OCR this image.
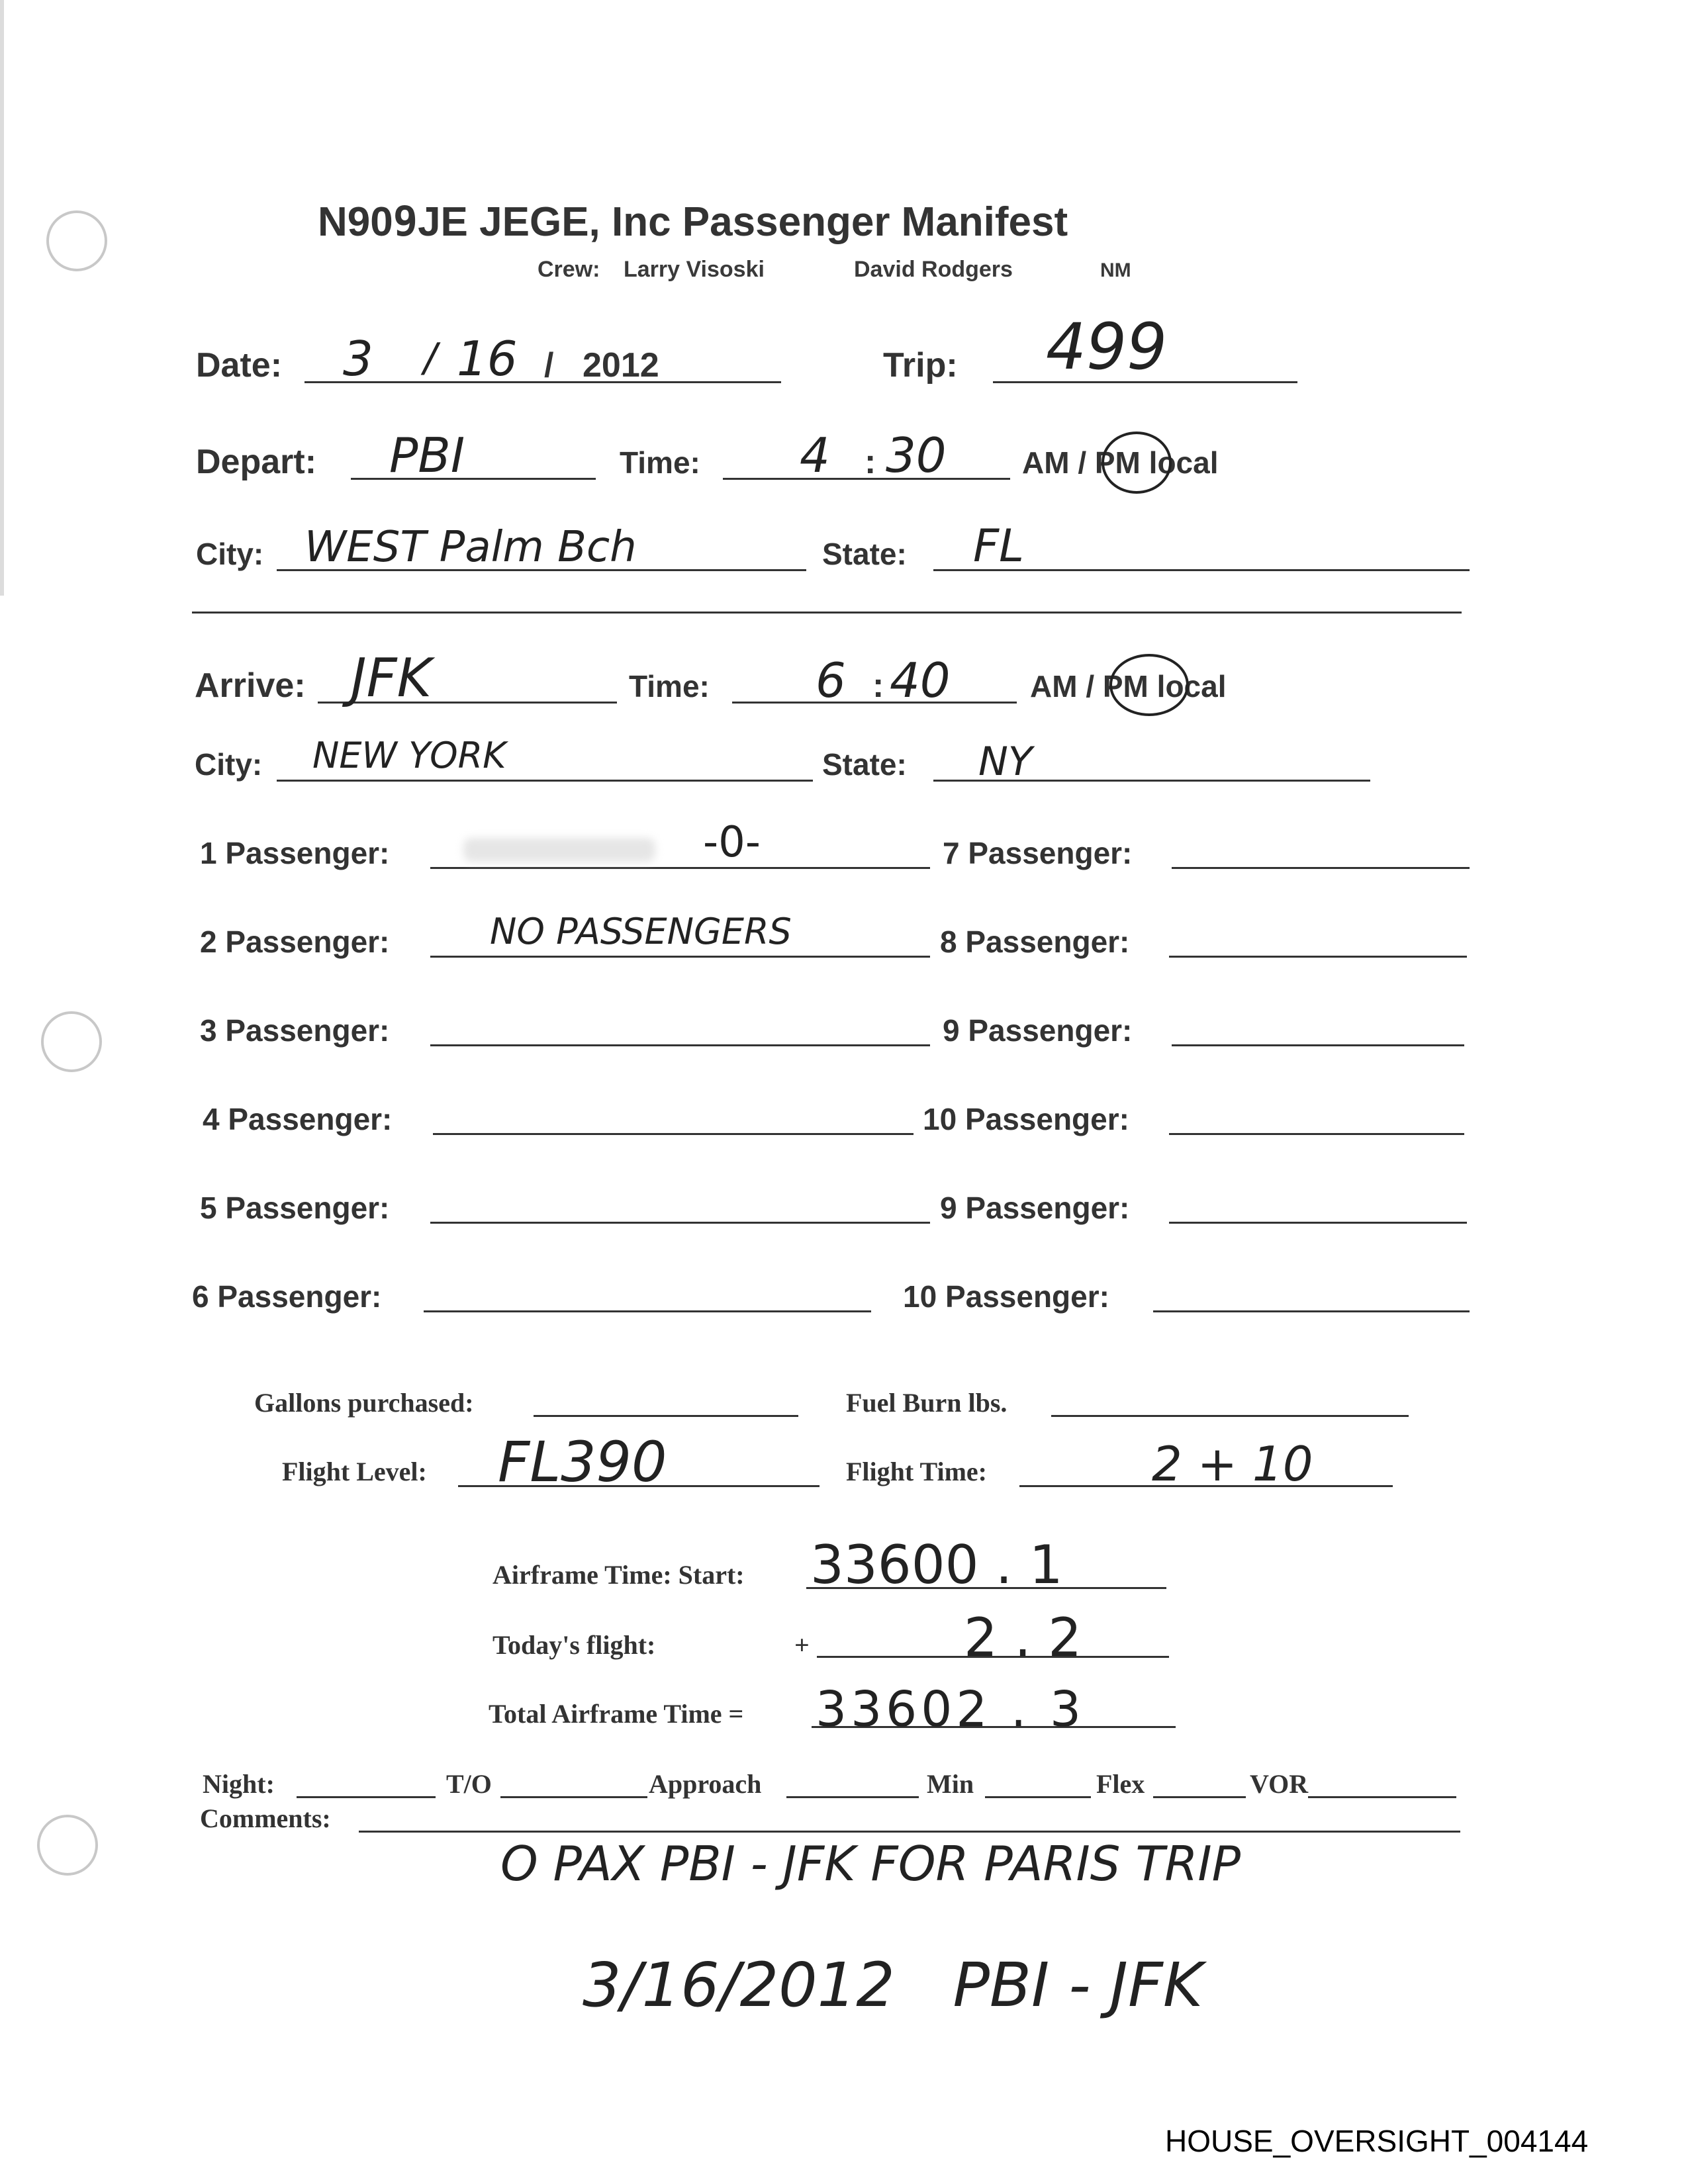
N909JE JEGE, Inc Passenger Manifest
Crew: Larry Visoski	David Rodgers	NM
Date: 3 / 16 / 2012	Trip: 499
Depart: PBI	Time: 4 : 30 AM / PM local
City: WEST Palm Bch	State: FL
Arrive: JFK	Time: 6 : 40	AM / PM local
City: NEW YORK	State: NY
1 Passenger:	-0-
2 Passenger:	NO PASSENGERS
3 Passenger:
4 Passenger:
5 Passenger:
6 Passenger:
7 Passenger:
8 Passenger:
9 Passenger:
10 Passenger:
9 Passenger:
10 Passenger:
Gallons purchased:	Fuel Burn lbs.
Flight Level: FL390	Flight Time:	2 + 10
Airframe Time: Start: 33600 . 1
Today's flight:	+	2 . 2
Total Airframe Time = 33602 . 3
Night:	T/O	Approach	Min	Flex	VOR
Comments:
O PAX PBI - JFK FOR PARIS TRIP
3/16/2012   PBI - JFK
HOUSE_OVERSIGHT_004144
